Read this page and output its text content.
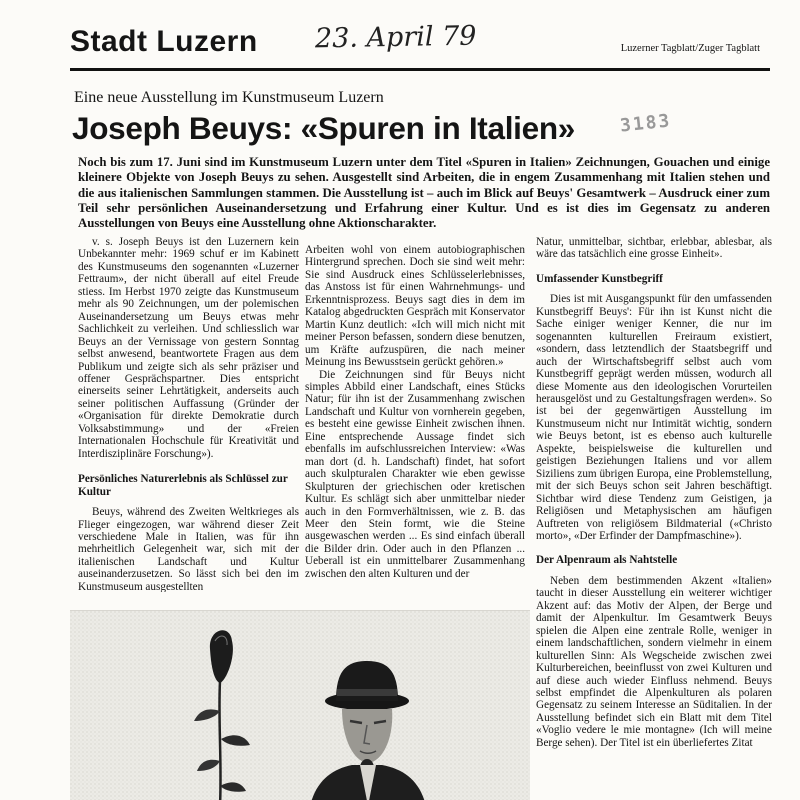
Stadt Luzern 23. April 79	Luzerner Tagblatt/Zuger Tagblatt
Eine neue Ausstellung im Kunstmuseum Luzern
Joseph Beuys: «Spuren in Italien» 3183
Noch bis zum 17. Juni sind im Kunstmuseum Luzern unter dem Titel «Spuren in Italien» Zeichnungen, Gouachen und einige kleinere Objekte von Joseph Beuys zu sehen. Ausgestellt sind Arbeiten, die in engem Zusammenhang mit Italien stehen und die aus italienischen Sammlungen stammen. Die Ausstellung ist – auch im Blick auf Beuys' Gesamtwerk – Ausdruck einer zum Teil sehr persönlichen Auseinandersetzung und Erfahrung einer Kultur. Und es ist dies im Gegensatz zu anderen Ausstellungen von Beuys eine Ausstellung ohne Aktionscharakter.

v. s. Joseph Beuys ist den Luzernern kein Unbekannter mehr: 1969 schuf er im Kabinett des Kunstmuseums den sogenannten «Luzerner Fettraum», der nicht überall auf eitel Freude stiess. Im Herbst 1970 zeigte das Kunstmuseum mehr als 90 Zeichnungen, um der polemischen Auseinandersetzung um Beuys etwas mehr Sachlichkeit zu verleihen. Und schliesslich war Beuys an der Vernissage von gestern Sonntag selbst anwesend, beantwortete Fragen aus dem Publikum und zeigte sich als sehr präziser und offener Gesprächspartner. Dies entspricht einerseits seiner Lehrtätigkeit, anderseits auch seiner politischen Auffassung (Gründer der «Organisation für direkte Demokratie durch Volksabstimmung» und der «Freien Internationalen Hochschule für Kreativität und Interdisziplinäre Forschung»).

Persönliches Naturerlebnis als Schlüssel zur Kultur

Beuys, während des Zweiten Weltkrieges als Flieger eingezogen, war während dieser Zeit verschiedene Male in Italien, was für ihn mehrheitlich Gelegenheit war, sich mit der italienischen Landschaft und Kultur auseinanderzusetzen. So lässt sich bei den im Kunstmuseum ausgestellten

Arbeiten wohl von einem autobiographischen Hintergrund sprechen. Doch sie sind weit mehr: Sie sind Ausdruck eines Schlüsselerlebnisses, das Anstoss ist für einen Wahrnehmungs- und Erkenntnisprozess. Beuys sagt dies in dem im Katalog abgedruckten Gespräch mit Konservator Martin Kunz deutlich: «Ich will mich nicht mit meiner Person befassen, sondern diese benutzen, um Kräfte aufzuspüren, die nach meiner Meinung ins Bewusstsein gerückt gehören.»

Die Zeichnungen sind für Beuys nicht simples Abbild einer Landschaft, eines Stücks Natur; für ihn ist der Zusammenhang zwischen Landschaft und Kultur von vornherein gegeben, es besteht eine gewisse Einheit zwischen ihnen. Eine entsprechende Aussage findet sich ebenfalls im aufschlussreichen Interview: «Was man dort (d. h. Landschaft) findet, hat sofort auch skulpturalen Charakter wie eben gewisse Skulpturen der griechischen oder kretischen Kultur. Es schlägt sich aber unmittelbar nieder auch in den Formverhältnissen, wie z. B. das Meer den Stein formt, wie die Steine ausgewaschen werden ... Es sind einfach überall die Bilder drin. Oder auch in den Pflanzen ... Ueberall ist ein unmittelbarer Zusammenhang zwischen den alten Kulturen und der

Natur, unmittelbar, sichtbar, erlebbar, ablesbar, als wäre das tatsächlich eine grosse Einheit».

Umfassender Kunstbegriff

Dies ist mit Ausgangspunkt für den umfassenden Kunstbegriff Beuys': Für ihn ist Kunst nicht die Sache einiger weniger Kenner, die nur im sogenannten kulturellen Freiraum existiert, «sondern, dass letztendlich der Staatsbegriff und auch der Wirtschaftsbegriff selbst auch vom Kunstbegriff geprägt werden müssen, wodurch all diese Momente aus den ideologischen Vorurteilen herausgelöst und zu Gestaltungsfragen werden». So ist bei der gegenwärtigen Ausstellung im Kunstmuseum nicht nur Intimität wichtig, sondern wie Beuys betont, ist es ebenso auch kulturelle Aspekte, beispielsweise die kulturellen und geistigen Beziehungen Italiens und vor allem Siziliens zum übrigen Europa, eine Problemstellung, mit der sich Beuys schon seit Jahren beschäftigt. Sichtbar wird diese Tendenz zum Geistigen, ja Religiösen und Metaphysischen am häufigen Auftreten von religiösem Bildmaterial («Christo morto», «Der Erfinder der Dampfmaschine»).

Der Alpenraum als Nahtstelle

Neben dem bestimmenden Akzent «Italien» taucht in dieser Ausstellung ein weiterer wichtiger Akzent auf: das Motiv der Alpen, der Berge und damit der Alpenkultur. Im Gesamtwerk Beuys spielen die Alpen eine zentrale Rolle, weniger in einem landschaftlichen, sondern vielmehr in einem kulturellen Sinn: Als Wegscheide zwischen zwei Kulturbereichen, beeinflusst von zwei Kulturen und auf diese auch wieder Einfluss nehmend. Beuys selbst empfindet die Alpenkulturen als polaren Gegensatz zu seinem Interesse an Süditalien. In der Ausstellung befindet sich ein Blatt mit dem Titel «Voglio vedere le mie montagne» (Ich will meine Berge sehen). Der Titel ist ein überliefertes Zitat
